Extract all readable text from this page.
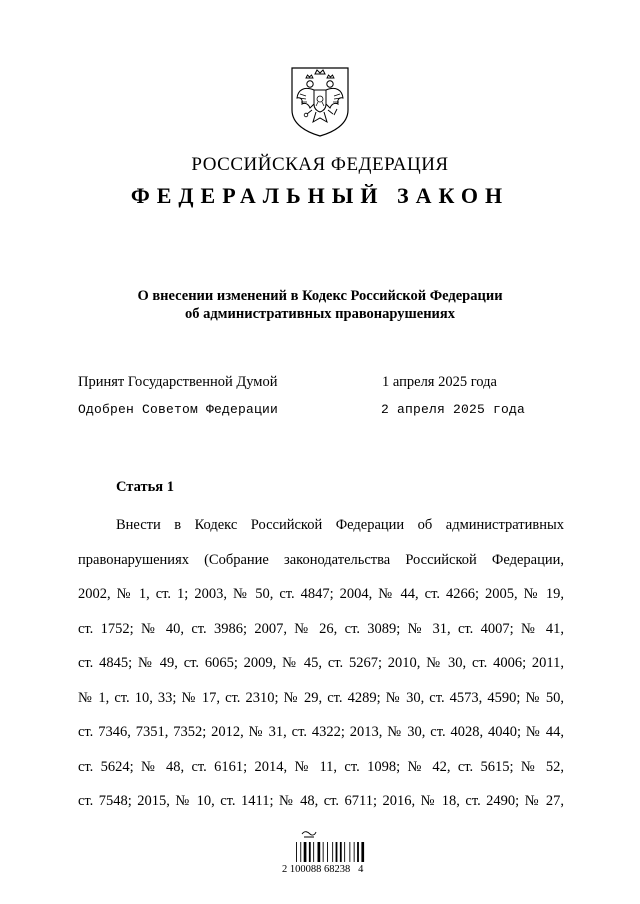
РОССИЙСКАЯ ФЕДЕРАЦИЯ
ФЕДЕРАЛЬНЫЙ ЗАКОН
О внесении изменений в Кодекс Российской Федерации
об административных правонарушениях
Принят Государственной Думой	1 апреля 2025 года
Одобрен Советом Федерации	2 апреля 2025 года
Статья 1
Внести в Кодекс Российской Федерации об административных
правонарушениях (Собрание законодательства Российской Федерации,
2002, № 1, ст. 1; 2003, № 50, ст. 4847; 2004, № 44, ст. 4266; 2005, № 19,
ст. 1752; № 40, ст. 3986; 2007, № 26, ст. 3089; № 31, ст. 4007; № 41,
ст. 4845; № 49, ст. 6065; 2009, № 45, ст. 5267; 2010, № 30, ст. 4006; 2011,
№ 1, ст. 10, 33; № 17, ст. 2310; № 29, ст. 4289; № 30, ст. 4573, 4590; № 50,
ст. 7346, 7351, 7352; 2012, № 31, ст. 4322; 2013, № 30, ст. 4028, 4040; № 44,
ст. 5624; № 48, ст. 6161; 2014, № 11, ст. 1098; № 42, ст. 5615; № 52,
ст. 7548; 2015, № 10, ст. 1411; № 48, ст. 6711; 2016, № 18, ст. 2490; № 27,
2 100088 68238   4
